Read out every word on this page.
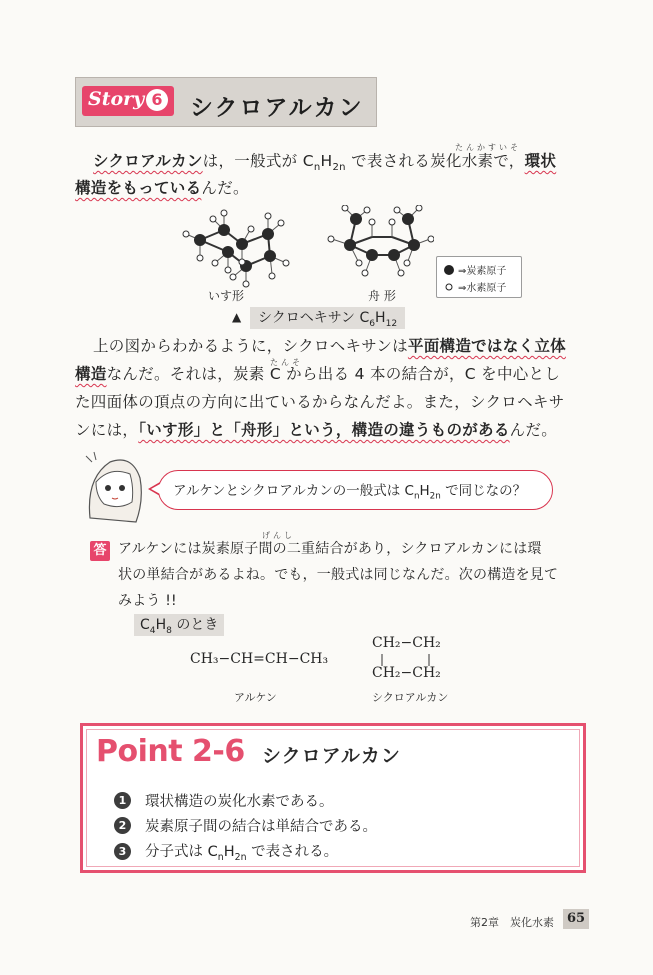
Story 6 シクロアルカン
たんかすいそ
シクロアルカンは，一般式が $C_nH_{2n}$ で表される炭化水素で，環状
構造をもっているんだ。
いす形	舟 形
⇒炭素原子
⇒水素原子
▲	シクロヘキサン $C_6H_{12}$
たんそ
上の図からわかるように，シクロヘキサンは平面構造ではなく立体
構造なんだ。それは，炭素 C から出る 4 本の結合が，C を中心とし
た四面体の頂点の方向に出ているからなんだよ。また，シクロヘキサ
ンには，「いす形」と「舟形」という，構造の違うものがあるんだ。
アルケンとシクロアルカンの一般式は $C_nH_{2n}$ で同じなの？
答
げんし
アルケンには炭素原子間の二重結合があり，シクロアルカンには環
状の単結合があるよね。でも，一般式は同じなんだ。次の構造を見て
みよう !!
$C_4H_8$ のとき
CH₃−CH=CH−CH₃
CH₂−CH₂
CH₂−CH₂
アルケン	シクロアルカン
Point 2-6 シクロアルカン
1	環状構造の炭化水素である。
2	炭素原子間の結合は単結合である。
3	分子式は $C_nH_{2n}$ で表される。
第2章　炭化水素 65
